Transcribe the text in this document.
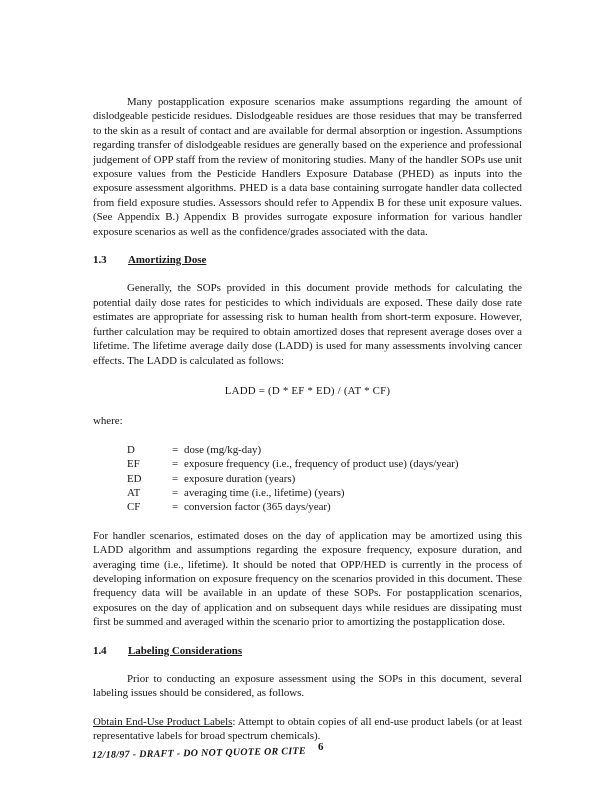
Many postapplication exposure scenarios make assumptions regarding the amount of dislodgeable pesticide residues. Dislodgeable residues are those residues that may be transferred to the skin as a result of contact and are available for dermal absorption or ingestion. Assumptions regarding transfer of dislodgeable residues are generally based on the experience and professional judgement of OPP staff from the review of monitoring studies. Many of the handler SOPs use unit exposure values from the Pesticide Handlers Exposure Database (PHED) as inputs into the exposure assessment algorithms. PHED is a data base containing surrogate handler data collected from field exposure studies. Assessors should refer to Appendix B for these unit exposure values. (See Appendix B.) Appendix B provides surrogate exposure information for various handler exposure scenarios as well as the confidence/grades associated with the data.

1.3 Amortizing Dose

Generally, the SOPs provided in this document provide methods for calculating the potential daily dose rates for pesticides to which individuals are exposed. These daily dose rate estimates are appropriate for assessing risk to human health from short-term exposure. However, further calculation may be required to obtain amortized doses that represent average doses over a lifetime. The lifetime average daily dose (LADD) is used for many assessments involving cancer effects. The LADD is calculated as follows:

LADD = (D * EF * ED) / (AT * CF)
where:
D	= dose (mg/kg-day)
EF	= exposure frequency (i.e., frequency of product use) (days/year)
ED	= exposure duration (years)
AT	= averaging time (i.e., lifetime) (years)
CF	= conversion factor (365 days/year)

For handler scenarios, estimated doses on the day of application may be amortized using this LADD algorithm and assumptions regarding the exposure frequency, exposure duration, and averaging time (i.e., lifetime). It should be noted that OPP/HED is currently in the process of developing information on exposure frequency on the scenarios provided in this document. These frequency data will be available in an update of these SOPs. For postapplication scenarios, exposures on the day of application and on subsequent days while residues are dissipating must first be summed and averaged within the scenario prior to amortizing the postapplication dose.

1.4 Labeling Considerations

Prior to conducting an exposure assessment using the SOPs in this document, several labeling issues should be considered, as follows.

Obtain End-Use Product Labels: Attempt to obtain copies of all end-use product labels (or at least representative labels for broad spectrum chemicals).

12/18/97 - DRAFT - DO NOT QUOTE OR CITE 6
